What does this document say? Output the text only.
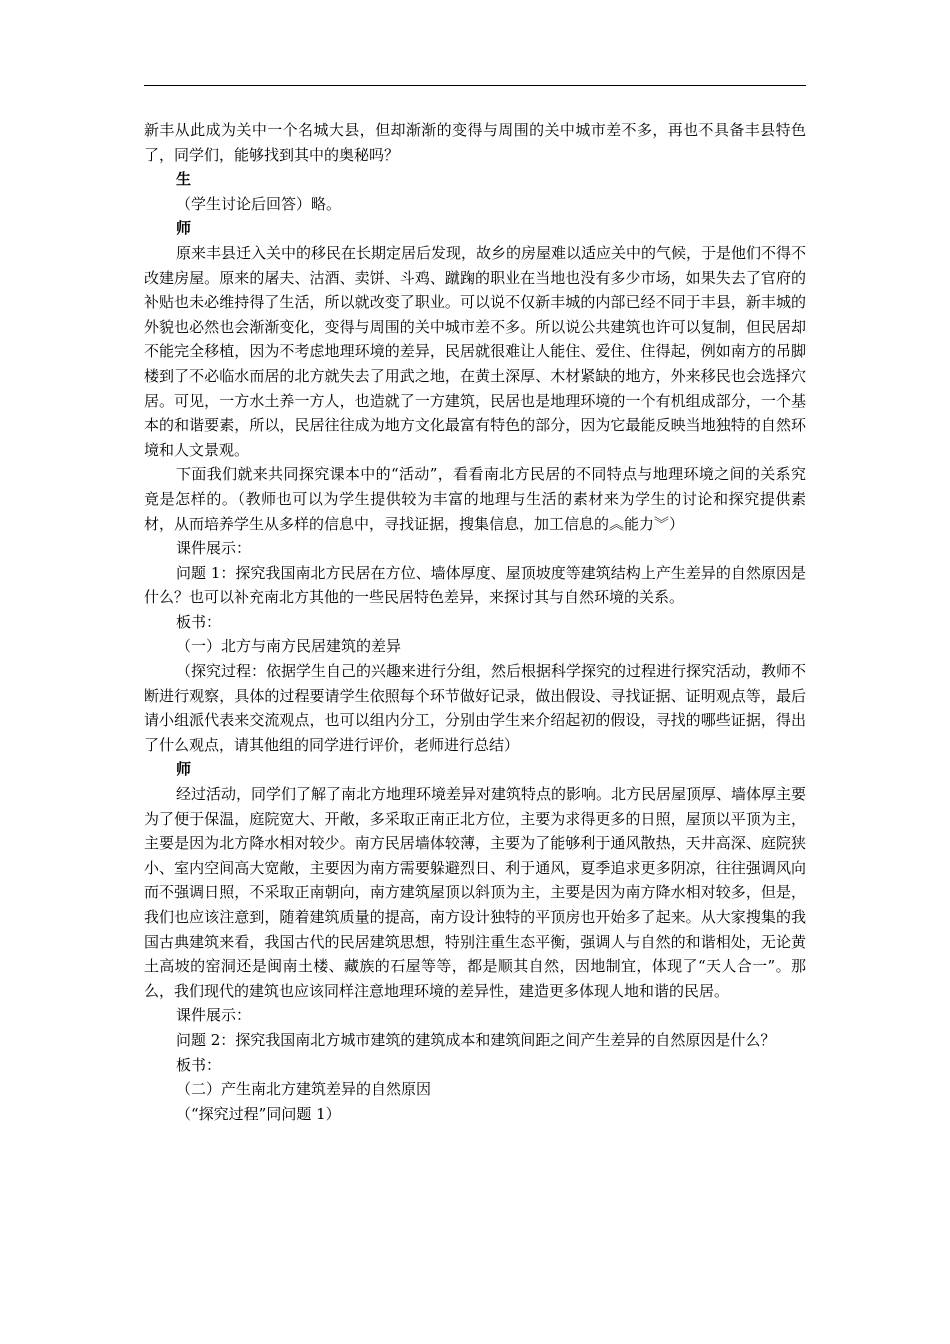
新丰从此成为关中一个名城大县，但却渐渐的变得与周围的关中城市差不多，再也不具备丰县特色了，同学们，能够找到其中的奥秘吗？

生

（学生讨论后回答）略。

师

原来丰县迁入关中的移民在长期定居后发现，故乡的房屋难以适应关中的气候，于是他们不得不改建房屋。原来的屠夫、沽酒、卖饼、斗鸡、蹴踘的职业在当地也没有多少市场，如果失去了官府的补贴也未必维持得了生活，所以就改变了职业。可以说不仅新丰城的内部已经不同于丰县，新丰城的外貌也必然也会渐渐变化，变得与周围的关中城市差不多。所以说公共建筑也许可以复制，但民居却不能完全移植，因为不考虑地理环境的差异，民居就很难让人能住、爱住、住得起，例如南方的吊脚楼到了不必临水而居的北方就失去了用武之地，在黄土深厚、木材紧缺的地方，外来移民也会选择穴居。可见，一方水土养一方人，也造就了一方建筑，民居也是地理环境的一个有机组成部分，一个基本的和谐要素，所以，民居往往成为地方文化最富有特色的部分，因为它最能反映当地独特的自然环境和人文景观。

下面我们就来共同探究课本中的“活动”，看看南北方民居的不同特点与地理环境之间的关系究竟是怎样的。（教师也可以为学生提供较为丰富的地理与生活的素材来为学生的讨论和探究提供素材，从而培养学生从多样的信息中，寻找证据，搜集信息，加工信息的︽能力︾）

课件展示：

问题 1：探究我国南北方民居在方位、墙体厚度、屋顶坡度等建筑结构上产生差异的自然原因是什么？也可以补充南北方其他的一些民居特色差异，来探讨其与自然环境的关系。

板书：

（一）北方与南方民居建筑的差异

（探究过程：依据学生自己的兴趣来进行分组，然后根据科学探究的过程进行探究活动，教师不断进行观察，具体的过程要请学生依照每个环节做好记录，做出假设、寻找证据、证明观点等，最后请小组派代表来交流观点，也可以组内分工，分别由学生来介绍起初的假设，寻找的哪些证据，得出了什么观点，请其他组的同学进行评价，老师进行总结）

师

经过活动，同学们了解了南北方地理环境差异对建筑特点的影响。北方民居屋顶厚、墙体厚主要为了便于保温，庭院宽大、开敞，多采取正南正北方位，主要为求得更多的日照，屋顶以平顶为主，主要是因为北方降水相对较少。南方民居墙体较薄，主要为了能够利于通风散热，天井高深、庭院狭小、室内空间高大宽敞，主要因为南方需要躲避烈日、利于通风，夏季追求更多阴凉，往往强调风向而不强调日照，不采取正南朝向，南方建筑屋顶以斜顶为主，主要是因为南方降水相对较多，但是，我们也应该注意到，随着建筑质量的提高，南方设计独特的平顶房也开始多了起来。从大家搜集的我国古典建筑来看，我国古代的民居建筑思想，特别注重生态平衡，强调人与自然的和谐相处，无论黄土高坡的窑洞还是闽南土楼、藏族的石屋等等，都是顺其自然，因地制宜，体现了“天人合一”。那么，我们现代的建筑也应该同样注意地理环境的差异性，建造更多体现人地和谐的民居。

课件展示：

问题 2：探究我国南北方城市建筑的建筑成本和建筑间距之间产生差异的自然原因是什么？

板书：

（二）产生南北方建筑差异的自然原因

（“探究过程”同问题 1）
